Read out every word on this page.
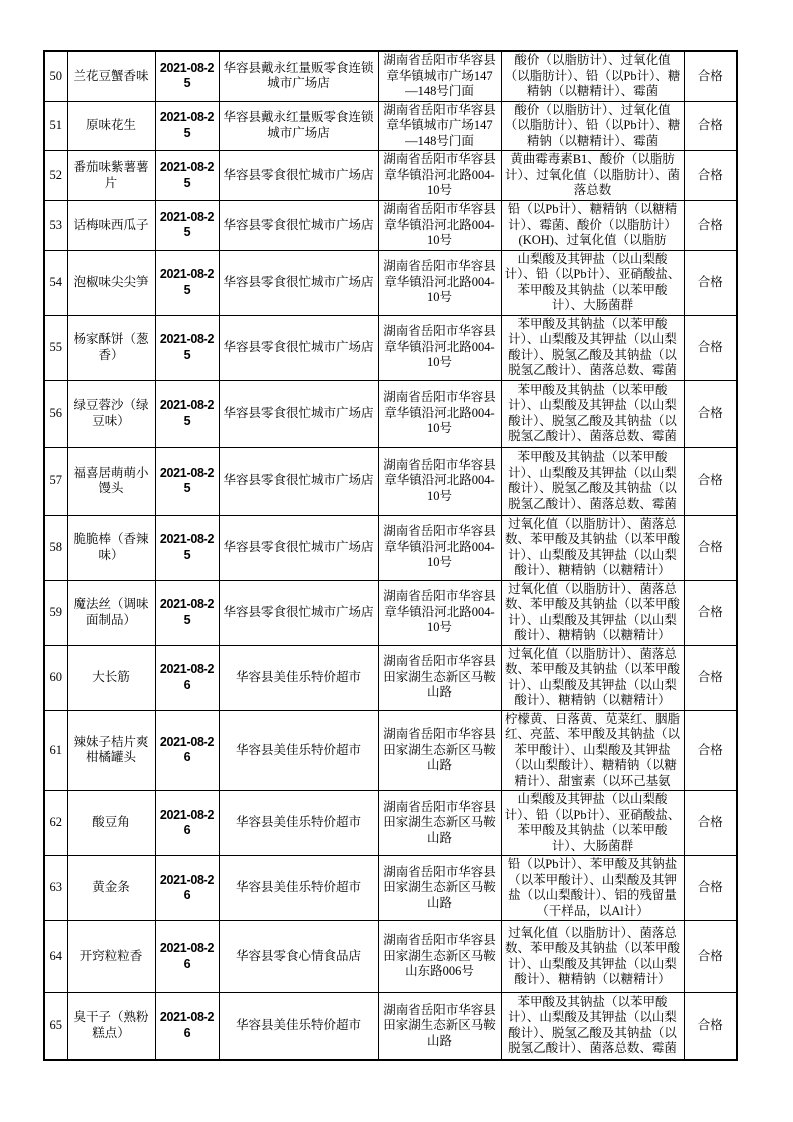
50	兰花豆蟹香味	2021-08-25	华容县戴永红量贩零食连锁城市广场店	湖南省岳阳市华容县章华镇城市广场147—148号门面	酸价（以脂肪计）、过氧化值（以脂肪计）、铅（以Pb计）、糖精钠（以糖精计）、霉菌	合格
51	原味花生	2021-08-25	华容县戴永红量贩零食连锁城市广场店	湖南省岳阳市华容县章华镇城市广场147—148号门面	酸价（以脂肪计）、过氧化值（以脂肪计）、铅（以Pb计）、糖精钠（以糖精计）、霉菌	合格
52	番茄味紫薯薯片	2021-08-25	华容县零食很忙城市广场店	湖南省岳阳市华容县章华镇沿河北路004-10号	黄曲霉毒素B1、酸价（以脂肪计）、过氧化值（以脂肪计）、菌落总数	合格
53	话梅味西瓜子	2021-08-25	华容县零食很忙城市广场店	湖南省岳阳市华容县章华镇沿河北路004-10号	铅（以Pb计）、糖精钠（以糖精计）、霉菌、酸价（以脂肪计）(KOH)、过氧化值（以脂肪	合格
54	泡椒味尖尖笋	2021-08-25	华容县零食很忙城市广场店	湖南省岳阳市华容县章华镇沿河北路004-10号	山梨酸及其钾盐（以山梨酸计）、铅（以Pb计）、亚硝酸盐、苯甲酸及其钠盐（以苯甲酸计）、大肠菌群	合格
55	杨家酥饼（葱香）	2021-08-25	华容县零食很忙城市广场店	湖南省岳阳市华容县章华镇沿河北路004-10号	苯甲酸及其钠盐（以苯甲酸计）、山梨酸及其钾盐（以山梨酸计）、脱氢乙酸及其钠盐（以脱氢乙酸计）、菌落总数、霉菌	合格
56	绿豆蓉沙（绿豆味）	2021-08-25	华容县零食很忙城市广场店	湖南省岳阳市华容县章华镇沿河北路004-10号	苯甲酸及其钠盐（以苯甲酸计）、山梨酸及其钾盐（以山梨酸计）、脱氢乙酸及其钠盐（以脱氢乙酸计）、菌落总数、霉菌	合格
57	福喜居萌萌小馒头	2021-08-25	华容县零食很忙城市广场店	湖南省岳阳市华容县章华镇沿河北路004-10号	苯甲酸及其钠盐（以苯甲酸计）、山梨酸及其钾盐（以山梨酸计）、脱氢乙酸及其钠盐（以脱氢乙酸计）、菌落总数、霉菌	合格
58	脆脆棒（香辣味）	2021-08-25	华容县零食很忙城市广场店	湖南省岳阳市华容县章华镇沿河北路004-10号	过氧化值（以脂肪计）、菌落总数、苯甲酸及其钠盐（以苯甲酸计）、山梨酸及其钾盐（以山梨酸计）、糖精钠（以糖精计）	合格
59	魔法丝（调味面制品）	2021-08-25	华容县零食很忙城市广场店	湖南省岳阳市华容县章华镇沿河北路004-10号	过氧化值（以脂肪计）、菌落总数、苯甲酸及其钠盐（以苯甲酸计）、山梨酸及其钾盐（以山梨酸计）、糖精钠（以糖精计）	合格
60	大长筋	2021-08-26	华容县美佳乐特价超市	湖南省岳阳市华容县田家湖生态新区马鞍山路	过氧化值（以脂肪计）、菌落总数、苯甲酸及其钠盐（以苯甲酸计）、山梨酸及其钾盐（以山梨酸计）、糖精钠（以糖精计）	合格
61	辣妹子桔片爽柑橘罐头	2021-08-26	华容县美佳乐特价超市	湖南省岳阳市华容县田家湖生态新区马鞍山路	柠檬黄、日落黄、苋菜红、胭脂红、亮蓝、苯甲酸及其钠盐（以苯甲酸计）、山梨酸及其钾盐（以山梨酸计）、糖精钠（以糖精计）、甜蜜素（以环己基氨	合格
62	酸豆角	2021-08-26	华容县美佳乐特价超市	湖南省岳阳市华容县田家湖生态新区马鞍山路	山梨酸及其钾盐（以山梨酸计）、铅（以Pb计）、亚硝酸盐、苯甲酸及其钠盐（以苯甲酸计）、大肠菌群	合格
63	黄金条	2021-08-26	华容县美佳乐特价超市	湖南省岳阳市华容县田家湖生态新区马鞍山路	铅（以Pb计）、苯甲酸及其钠盐（以苯甲酸计）、山梨酸及其钾盐（以山梨酸计）、铝的残留量（干样品，以Al计）	合格
64	开窍粒粒香	2021-08-26	华容县零食心情食品店	湖南省岳阳市华容县田家湖生态新区马鞍山东路006号	过氧化值（以脂肪计）、菌落总数、苯甲酸及其钠盐（以苯甲酸计）、山梨酸及其钾盐（以山梨酸计）、糖精钠（以糖精计）	合格
65	臭干子（熟粉糕点）	2021-08-26	华容县美佳乐特价超市	湖南省岳阳市华容县田家湖生态新区马鞍山路	苯甲酸及其钠盐（以苯甲酸计）、山梨酸及其钾盐（以山梨酸计）、脱氢乙酸及其钠盐（以脱氢乙酸计）、菌落总数、霉菌	合格
